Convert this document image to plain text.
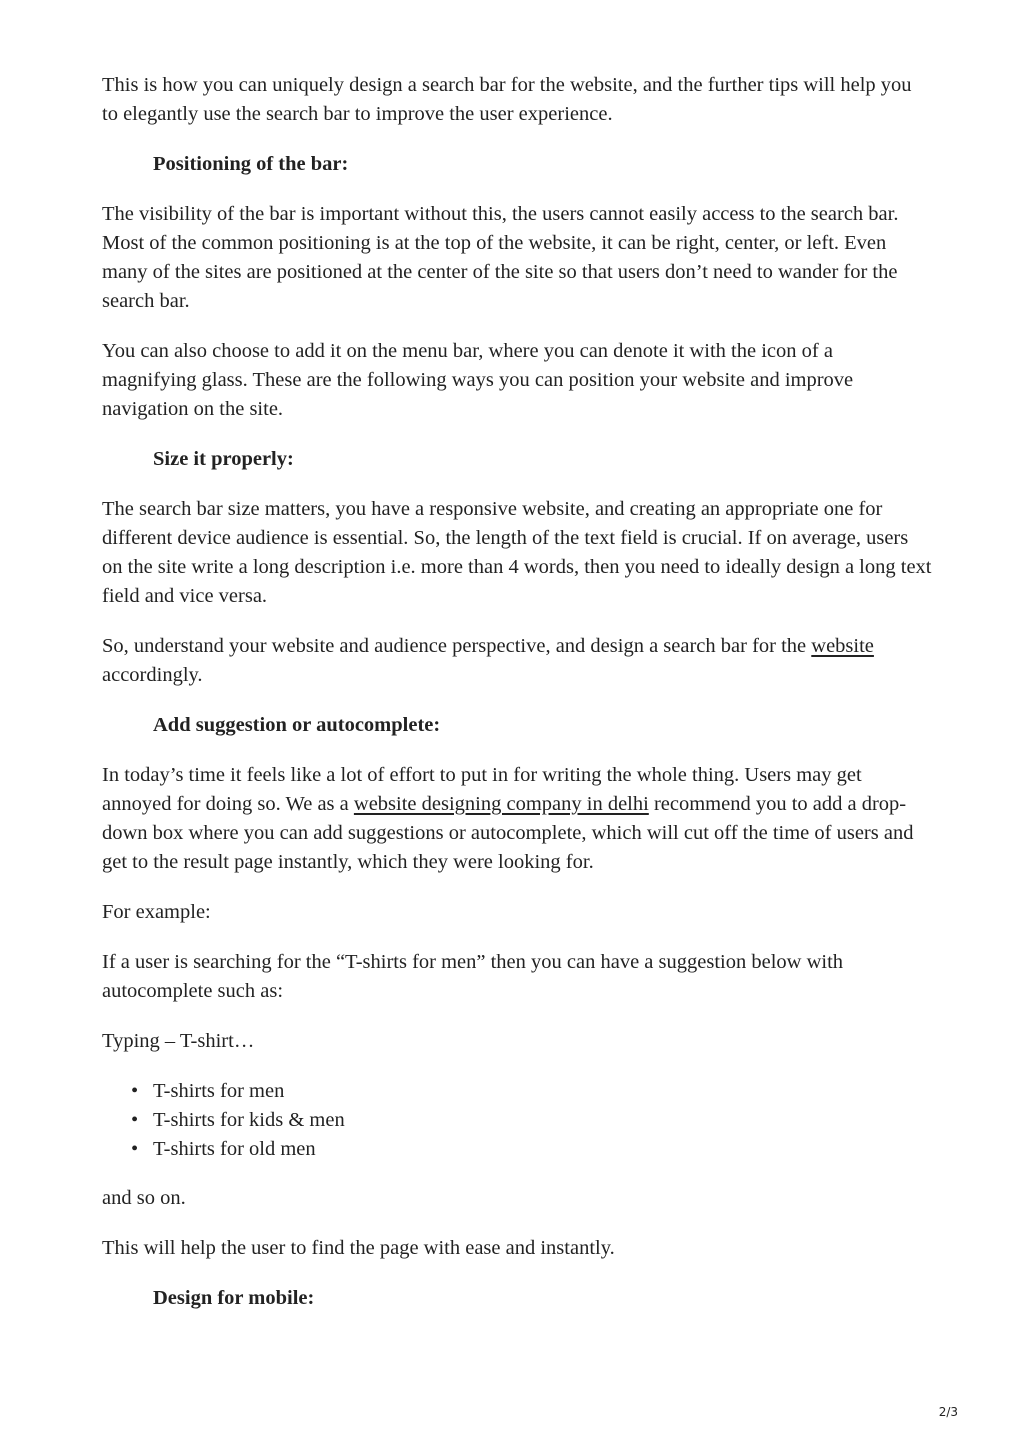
This is how you can uniquely design a search bar for the website, and the further tips will help you to elegantly use the search bar to improve the user experience.

Positioning of the bar:

The visibility of the bar is important without this, the users cannot easily access to the search bar. Most of the common positioning is at the top of the website, it can be right, center, or left. Even many of the sites are positioned at the center of the site so that users don’t need to wander for the search bar.

You can also choose to add it on the menu bar, where you can denote it with the icon of a magnifying glass. These are the following ways you can position your website and improve navigation on the site.

Size it properly:

The search bar size matters, you have a responsive website, and creating an appropriate one for different device audience is essential. So, the length of the text field is crucial. If on average, users on the site write a long description i.e. more than 4 words, then you need to ideally design a long text field and vice versa.

So, understand your website and audience perspective, and design a search bar for the website accordingly.

Add suggestion or autocomplete:

In today’s time it feels like a lot of effort to put in for writing the whole thing. Users may get annoyed for doing so. We as a website designing company in delhi recommend you to add a drop-down box where you can add suggestions or autocomplete, which will cut off the time of users and get to the result page instantly, which they were looking for.

For example:

If a user is searching for the “T-shirts for men” then you can have a suggestion below with autocomplete such as:

Typing – T-shirt…

• T-shirts for men
• T-shirts for kids & men
• T-shirts for old men

and so on.

This will help the user to find the page with ease and instantly.

Design for mobile:
2/3
